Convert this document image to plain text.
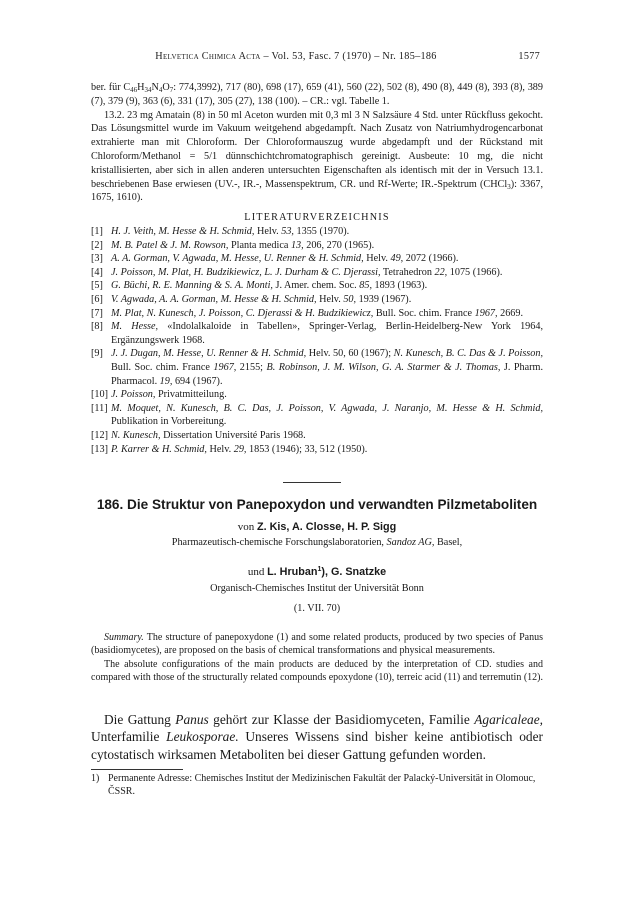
Helvetica Chimica Acta – Vol. 53, Fasc. 7 (1970) – Nr. 185–186	1577

ber. für $C_{46}H_{34}N_4O_7$: 774,3992), 717 (80), 698 (17), 659 (41), 560 (22), 502 (8), 490 (8), 449 (8), 393 (8), 389 (7), 379 (9), 363 (6), 331 (17), 305 (27), 138 (100). – CR.: vgl. Tabelle 1.

13.2. 23 mg Amatain (8) in 50 ml Aceton wurden mit 0,3 ml 3 N Salzsäure 4 Std. unter Rückfluss gekocht. Das Lösungsmittel wurde im Vakuum weitgehend abgedampft. Nach Zusatz von Natriumhydrogencarbonat extrahierte man mit Chloroform. Der Chloroformauszug wurde abgedampft und der Rückstand mit Chloroform/Methanol = 5/1 dünnschichtchromatographisch gereinigt. Ausbeute: 10 mg, die nicht kristallisierten, aber sich in allen anderen untersuchten Eigenschaften als identisch mit der in Versuch 13.1. beschriebenen Base erwiesen (UV.-, IR.-, Massenspektrum, CR. und Rf-Werte; IR.-Spektrum (CHCl$_3$): 3367, 1675, 1610).

LITERATURVERZEICHNIS
[1] H. J. Veith, M. Hesse & H. Schmid, Helv. 53, 1355 (1970).
[2] M. B. Patel & J. M. Rowson, Planta medica 13, 206, 270 (1965).
[3] A. A. Gorman, V. Agwada, M. Hesse, U. Renner & H. Schmid, Helv. 49, 2072 (1966).
[4] J. Poisson, M. Plat, H. Budzikiewicz, L. J. Durham & C. Djerassi, Tetrahedron 22, 1075 (1966).
[5] G. Büchi, R. E. Manning & S. A. Monti, J. Amer. chem. Soc. 85, 1893 (1963).
[6] V. Agwada, A. A. Gorman, M. Hesse & H. Schmid, Helv. 50, 1939 (1967).
[7] M. Plat, N. Kunesch, J. Poisson, C. Djerassi & H. Budzikiewicz, Bull. Soc. chim. France 1967, 2669.
[8] M. Hesse, «Indolalkaloide in Tabellen», Springer-Verlag, Berlin-Heidelberg-New York 1964, Ergänzungswerk 1968.
[9] J. J. Dugan, M. Hesse, U. Renner & H. Schmid, Helv. 50, 60 (1967); N. Kunesch, B. C. Das & J. Poisson, Bull. Soc. chim. France 1967, 2155; B. Robinson, J. M. Wilson, G. A. Starmer & J. Thomas, J. Pharm. Pharmacol. 19, 694 (1967).
[10] J. Poisson, Privatmitteilung.
[11] M. Moquet, N. Kunesch, B. C. Das, J. Poisson, V. Agwada, J. Naranjo, M. Hesse & H. Schmid, Publikation in Vorbereitung.
[12] N. Kunesch, Dissertation Université Paris 1968.
[13] P. Karrer & H. Schmid, Helv. 29, 1853 (1946); 33, 512 (1950).
186. Die Struktur von Panepoxydon und verwandten Pilzmetaboliten
von Z. Kis, A. Closse, H. P. Sigg
Pharmazeutisch-chemische Forschungslaboratorien, Sandoz AG, Basel,
und L. Hruban$^1$), G. Snatzke
Organisch-Chemisches Institut der Universität Bonn
(1. VII. 70)

Summary. The structure of panepoxydone (1) and some related products, produced by two species of Panus (basidiomycetes), are proposed on the basis of chemical transformations and physical measurements.

The absolute configurations of the main products are deduced by the interpretation of CD. studies and compared with those of the structurally related compounds epoxydone (10), terreic acid (11) and terremutin (12).

Die Gattung Panus gehört zur Klasse der Basidiomyceten, Familie Agaricaleae, Unterfamilie Leukosporae. Unseres Wissens sind bisher keine antibiotisch oder cytostatisch wirksamen Metaboliten bei dieser Gattung gefunden worden.

1) Permanente Adresse: Chemisches Institut der Medizinischen Fakultät der Palacký-Universität in Olomouc, ČSSR.
